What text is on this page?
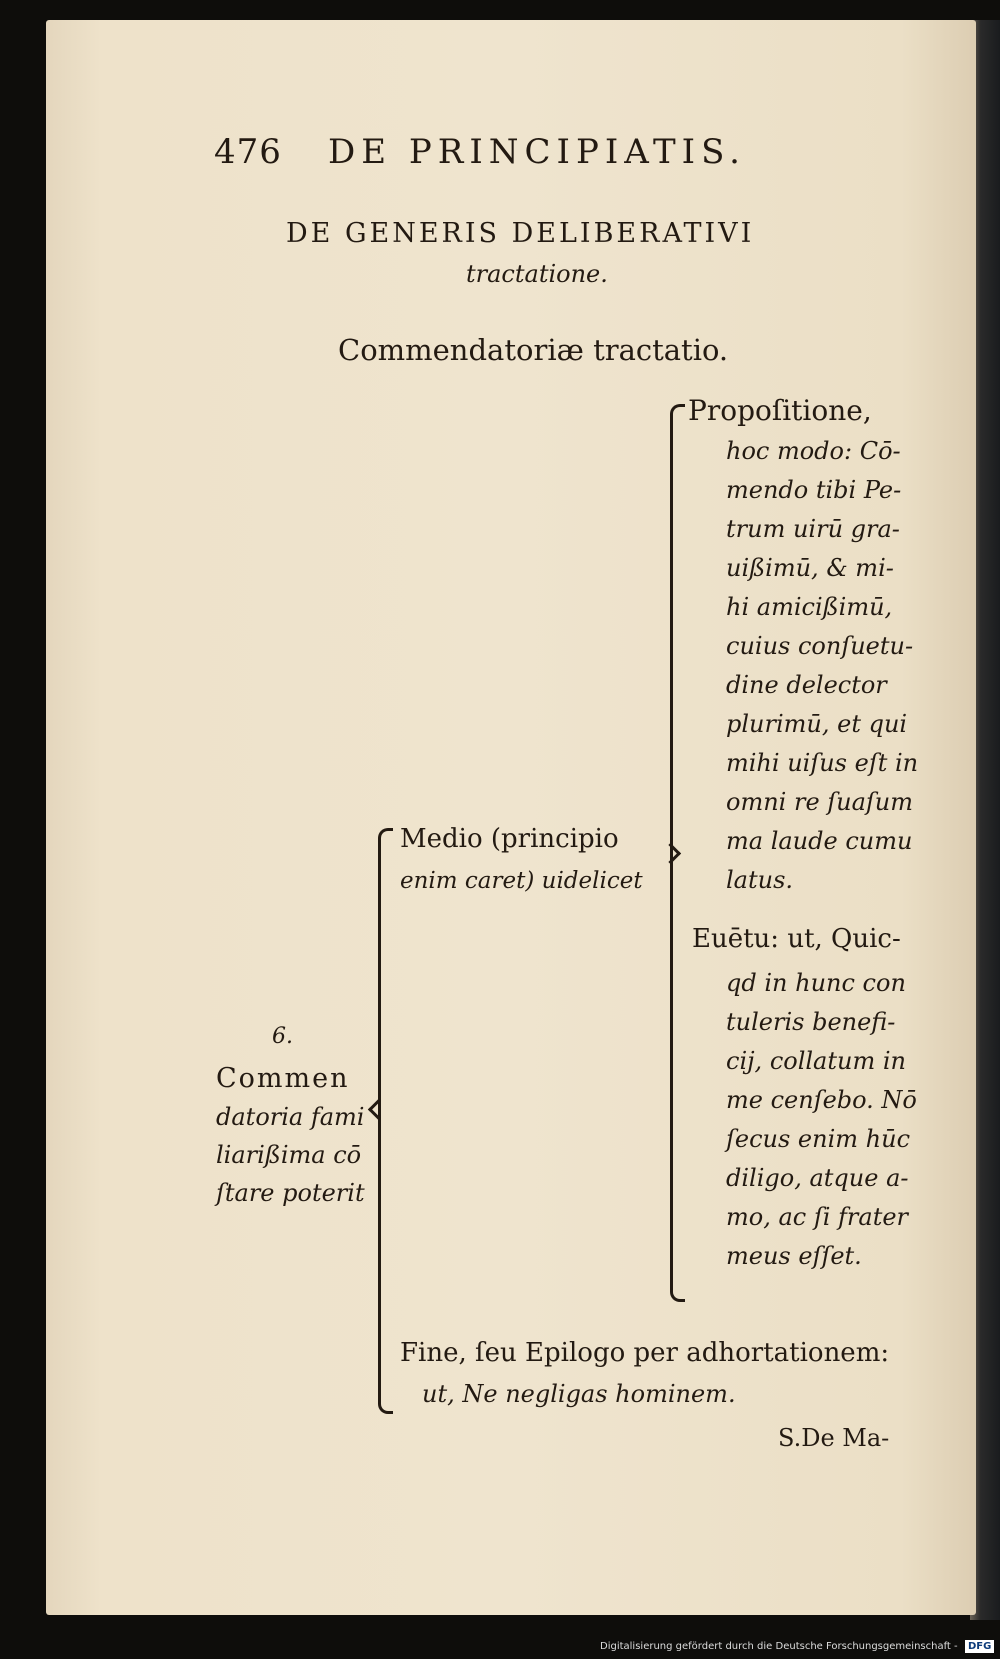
476 DE PRINCIPIATIS.

DE GENERIS DELIBERATIVI

tractatione.

Commendatoriæ tractatio.

6.

Commen

datoria fami

liarißima cō

ſtare poterit

Medio (principio

enim caret) uidelicet

Propoſitione,

hoc modo: Cō-

mendo tibi Pe-

trum uirū gra-

uißimū, & mi-

hi amicißimū,

cuius conſuetu-

dine delector

plurimū, et qui

mihi uiſus eſt in

omni re ſuaſum

ma laude cumu

latus.

Euētu: ut, Quic-

qd in hunc con

tuleris benefi-

cij, collatum in

me cenſebo. Nō

ſecus enim hūc

diligo, atque a-

mo, ac ſi frater

meus eſſet.

Fine, ſeu Epilogo per adhortationem:

ut, Ne negligas hominem.

S.De Ma-

Digitalisierung gefördert durch die Deutsche Forschungsgemeinschaft -	DFG
